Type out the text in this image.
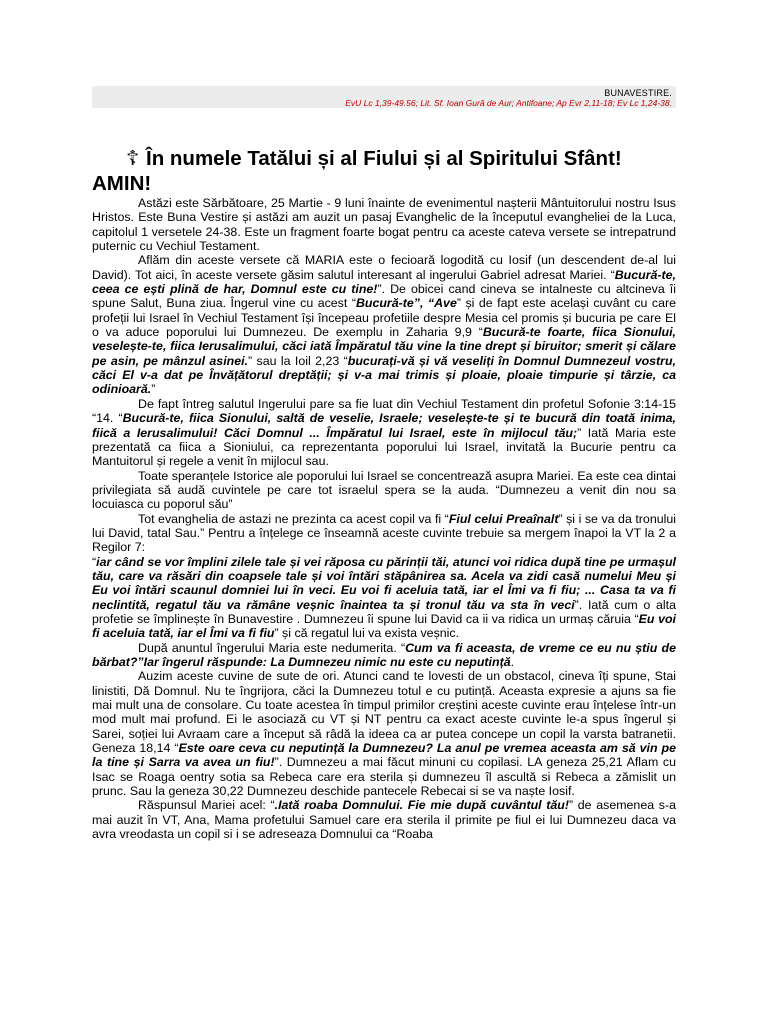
BUNAVESTIRE.
EvU Lc 1,39-49.56; Lit. Sf. Ioan Gură de Aur; Antifoane; Ap Evr 2,11-18; Ev Lc 1,24-38.
☦ În numele Tatălui și al Fiului și al Spiritului Sfânt! AMIN!

Astăzi este Sărbătoare, 25 Martie - 9 luni înainte de evenimentul nașterii Mântuitorului nostru Isus Hristos. Este Buna Vestire și astăzi am auzit un pasaj Evanghelic de la începutul evangheliei de la Luca, capitolul 1 versetele 24-38. Este un fragment foarte bogat pentru ca aceste cateva versete se intrepatrund puternic cu Vechiul Testament.

Aflăm din aceste versete că MARIA este o fecioară logodită cu Iosif (un descendent de-al lui David). Tot aici, în aceste versete găsim salutul interesant al ingerului Gabriel adresat Mariei. “Bucură-te, ceea ce ești plină de har, Domnul este cu tine!”. De obicei cand cineva se intalneste cu altcineva îi spune Salut, Buna ziua. Îngerul vine cu acest “Bucură-te”, “Ave” și de fapt este același cuvânt cu care profeții lui Israel în Vechiul Testament își începeau profetiile despre Mesia cel promis și bucuria pe care El o va aduce poporului lui Dumnezeu. De exemplu in Zaharia 9,9 “Bucură-te foarte, fiica Sionului, veselește-te, fiica Ierusalimului, căci iată Împăratul tău vine la tine drept și biruitor; smerit și călare pe asin, pe mânzul asinei.” sau la Ioil 2,23 “bucurați-vă și vă veseliți în Domnul Dumnezeul vostru, căci El v-a dat pe Învățătorul dreptății; și v-a mai trimis și ploaie, ploaie timpurie și târzie, ca odinioară.”

De fapt întreg salutul Ingerului pare sa fie luat din Vechiul Testament din profetul Sofonie 3:14-15 “14. “Bucură-te, fiica Sionului, saltă de veselie, Israele; veselește-te și te bucură din toată inima, fiică a Ierusalimului! Căci Domnul ... Împăratul lui Israel, este în mijlocul tău;” Iată Maria este prezentată ca fiica a Sioniului, ca reprezentanta poporului lui Israel, invitată la Bucurie pentru ca Mantuitorul și regele a venit în mijlocul sau.

Toate speranțele Istorice ale poporului lui Israel se concentrează asupra Mariei. Ea este cea dintai privilegiata să audă cuvintele pe care tot israelul spera se la auda. “Dumnezeu a venit din nou sa locuiasca cu poporul său”

Tot evanghelia de astazi ne prezinta ca acest copil va fi “Fiul celui Preaînalt” și i se va da tronului lui David, tatal Sau.” Pentru a înțelege ce înseamnă aceste cuvinte trebuie sa mergem înapoi la VT la 2 a Regilor 7:

“iar când se vor împlini zilele tale și vei răposa cu părinții tăi, atunci voi ridica după tine pe urmașul tău, care va răsări din coapsele tale și voi întări stăpânirea sa. Acela va zidi casă numelui Meu și Eu voi întări scaunul domniei lui în veci. Eu voi fi aceluia tată, iar el Îmi va fi fiu; ... Casa ta va fi neclintită, regatul tău va rămâne veșnic înaintea ta și tronul tău va sta în veci”. Iată cum o alta profetie se împlinește în Bunavestire . Dumnezeu îi spune lui David ca ii va ridica un urmaș căruia “Eu voi fi aceluia tată, iar el Îmi va fi fiu” și că regatul lui va exista veșnic.

După anuntul îngerului Maria este nedumerita. “Cum va fi aceasta, de vreme ce eu nu știu de bărbat?”Iar îngerul răspunde: La Dumnezeu nimic nu este cu neputință.

Auzim aceste cuvine de sute de ori. Atunci cand te lovesti de un obstacol, cineva îți spune, Stai linistiti, Dă Domnul. Nu te îngrijora, căci la Dumnezeu totul e cu putință. Aceasta expresie a ajuns sa fie mai mult una de consolare. Cu toate acestea în timpul primilor creștini aceste cuvinte erau înțelese într-un mod mult mai profund. Ei le asociază cu VT și NT pentru ca exact aceste cuvinte le-a spus îngerul și Sarei, soției lui Avraam care a început să râdă la ideea ca ar putea concepe un copil la varsta batranetii. Geneza 18,14 “Este oare ceva cu neputință la Dumnezeu? La anul pe vremea aceasta am să vin pe la tine și Sarra va avea un fiu!”. Dumnezeu a mai făcut minuni cu copilasi. LA geneza 25,21 Aflam cu Isac se Roaga oentry sotia sa Rebeca care era sterila și dumnezeu îl ascultă si Rebeca a zămislit un prunc. Sau la geneza 30,22 Dumnezeu deschide pantecele Rebecai si se va naște Iosif.

Răspunsul Mariei acel: “.Iată roaba Domnului. Fie mie după cuvântul tău!” de asemenea s-a mai auzit în VT, Ana, Mama profetului Samuel care era sterila il primite pe fiul ei lui Dumnezeu daca va avra vreodasta un copil si i se adreseaza Domnului ca “Roaba
